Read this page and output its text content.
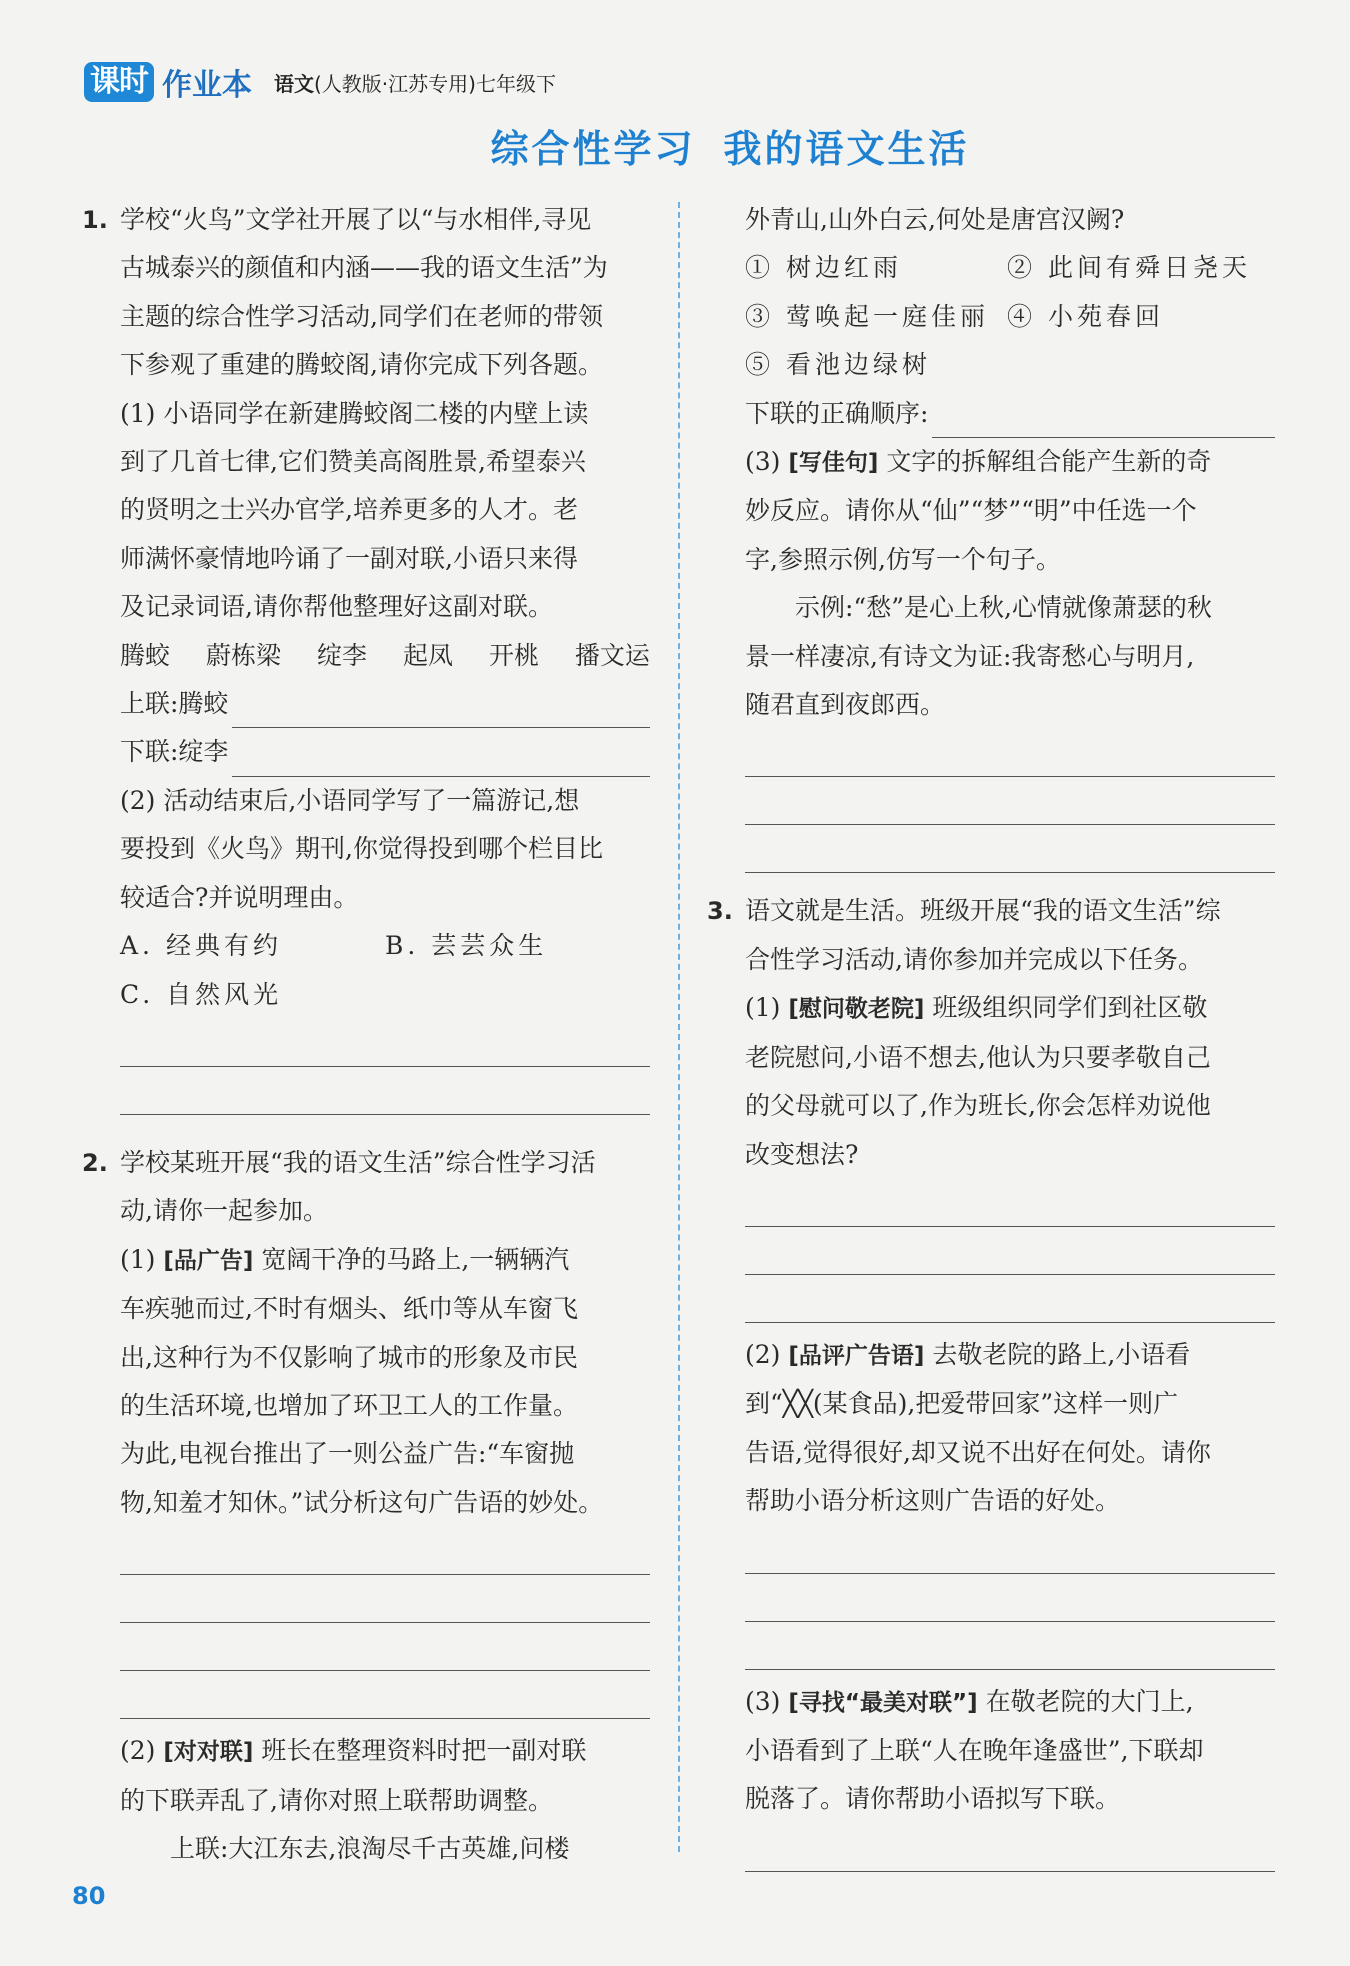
课时 作业本 语文(人教版·江苏专用)七年级下
综合性学习 我的语文生活
1. 学校“火鸟”文学社开展了以“与水相伴,寻见

古城泰兴的颜值和内涵——我的语文生活”为

主题的综合性学习活动,同学们在老师的带领

下参观了重建的腾蛟阁,请你完成下列各题。

(1) 小语同学在新建腾蛟阁二楼的内壁上读

到了几首七律,它们赞美高阁胜景,希望泰兴

的贤明之士兴办官学,培养更多的人才。老

师满怀豪情地吟诵了一副对联,小语只来得

及记录词语,请你帮他整理好这副对联。

腾蛟 蔚栋梁 绽李 起凤 开桃 播文运
上联:腾蛟
下联:绽李

(2) 活动结束后,小语同学写了一篇游记,想

要投到《火鸟》期刊,你觉得投到哪个栏目比

较适合?并说明理由。

A. 经典有约	B. 芸芸众生
C. 自然风光
2. 学校某班开展“我的语文生活”综合性学习活

动,请你一起参加。

(1) [品广告] 宽阔干净的马路上,一辆辆汽

车疾驰而过,不时有烟头、纸巾等从车窗飞

出,这种行为不仅影响了城市的形象及市民

的生活环境,也增加了环卫工人的工作量。

为此,电视台推出了一则公益广告:“车窗抛

物,知羞才知休。”试分析这句广告语的妙处。

(2) [对对联] 班长在整理资料时把一副对联

的下联弄乱了,请你对照上联帮助调整。

上联:大江东去,浪淘尽千古英雄,问楼

外青山,山外白云,何处是唐宫汉阙?

① 树边红雨	② 此间有舜日尧天
③ 莺唤起一庭佳丽 ④ 小苑春回
⑤ 看池边绿树
下联的正确顺序:

(3) [写佳句] 文字的拆解组合能产生新的奇

妙反应。请你从“仙”“梦”“明”中任选一个

字,参照示例,仿写一个句子。

示例:“愁”是心上秋,心情就像萧瑟的秋

景一样凄凉,有诗文为证:我寄愁心与明月,

随君直到夜郎西。

3. 语文就是生活。班级开展“我的语文生活”综

合性学习活动,请你参加并完成以下任务。

(1) [慰问敬老院] 班级组织同学们到社区敬

老院慰问,小语不想去,他认为只要孝敬自己

的父母就可以了,作为班长,你会怎样劝说他

改变想法?

(2) [品评广告语] 去敬老院的路上,小语看

到“╳╳(某食品),把爱带回家”这样一则广

告语,觉得很好,却又说不出好在何处。请你

帮助小语分析这则广告语的好处。

(3) [寻找“最美对联”] 在敬老院的大门上,

小语看到了上联“人在晚年逢盛世”,下联却

脱落了。请你帮助小语拟写下联。

80
